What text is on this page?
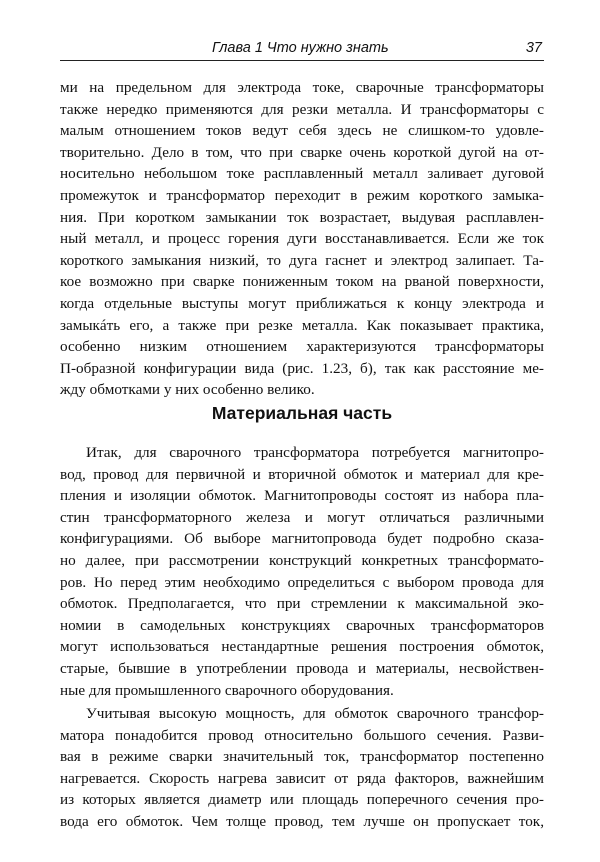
Глава 1 Что нужно знать	37
ми на предельном для электрода токе, сварочные трансформаторы
также нередко применяются для резки металла. И трансформаторы с
малым отношением токов ведут себя здесь не слишком-то удовле-
творительно. Дело в том, что при сварке очень короткой дугой на от-
носительно небольшом токе расплавленный металл заливает дуговой
промежуток и трансформатор переходит в режим короткого замыка-
ния. При коротком замыкании ток возрастает, выдувая расплавлен-
ный металл, и процесс горения дуги восстанавливается. Если же ток
короткого замыкания низкий, то дуга гаснет и электрод залипает. Та-
кое возможно при сварке пониженным током на рваной поверхности,
когда отдельные выступы могут приближаться к концу электрода и
замыкáть его, а также при резке металла. Как показывает практика,
особенно низким отношением характеризуются трансформаторы
П-образной конфигурации вида (рис. 1.23, б), так как расстояние ме-
жду обмотками у них особенно велико.
Материальная часть
Итак, для сварочного трансформатора потребуется магнитопро-
вод, провод для первичной и вторичной обмоток и материал для кре-
пления и изоляции обмоток. Магнитопроводы состоят из набора пла-
стин трансформаторного железа и могут отличаться различными
конфигурациями. Об выборе магнитопровода будет подробно сказа-
но далее, при рассмотрении конструкций конкретных трансформато-
ров. Но перед этим необходимо определиться с выбором провода для
обмоток. Предполагается, что при стремлении к максимальной эко-
номии в самодельных конструкциях сварочных трансформаторов
могут использоваться нестандартные решения построения обмоток,
старые, бывшие в употреблении провода и материалы, несвойствен-
ные для промышленного сварочного оборудования.
Учитывая высокую мощность, для обмоток сварочного трансфор-
матора понадобится провод относительно большого сечения. Разви-
вая в режиме сварки значительный ток, трансформатор постепенно
нагревается. Скорость нагрева зависит от ряда факторов, важнейшим
из которых является диаметр или площадь поперечного сечения про-
вода его обмоток. Чем толще провод, тем лучше он пропускает ток,
